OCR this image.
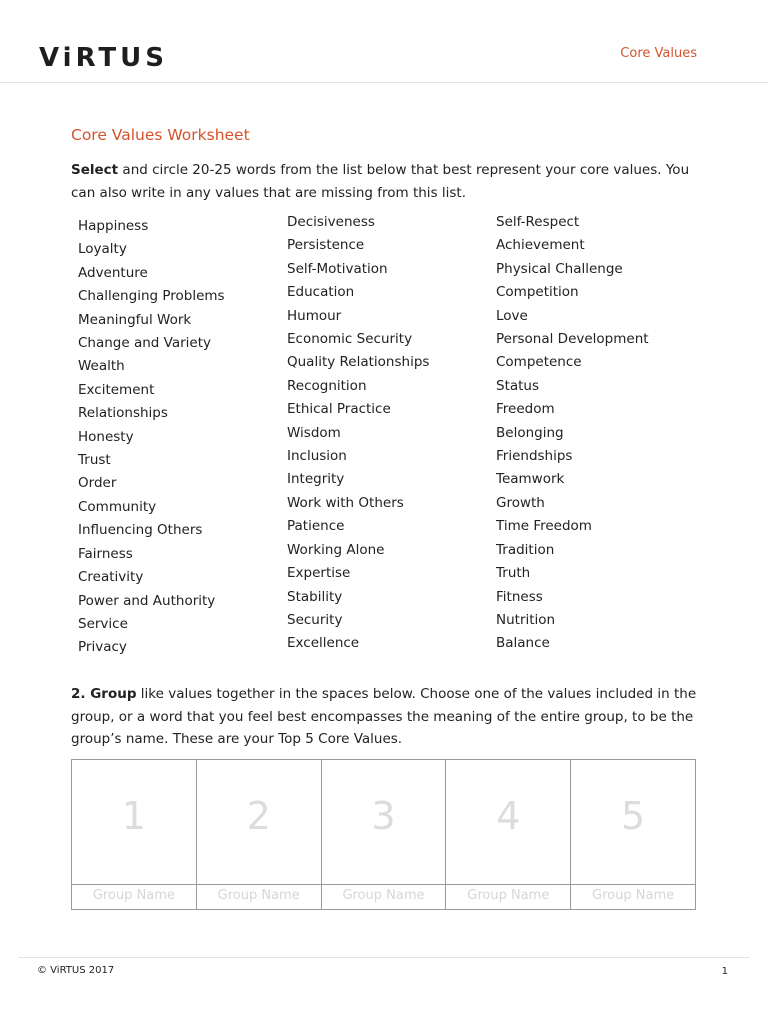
ViRTUS	Core Values
Core Values Worksheet

Select and circle 20-25 words from the list below that best represent your core values. You can also write in any values that are missing from this list.

Happiness
Loyalty
Adventure
Challenging Problems
Meaningful Work
Change and Variety
Wealth
Excitement
Relationships
Honesty
Trust
Order
Community
Influencing Others
Fairness
Creativity
Power and Authority
Service
Privacy
Decisiveness
Persistence
Self-Motivation
Education
Humour
Economic Security
Quality Relationships
Recognition
Ethical Practice
Wisdom
Inclusion
Integrity
Work with Others
Patience
Working Alone
Expertise
Stability
Security
Excellence
Self-Respect
Achievement
Physical Challenge
Competition
Love
Personal Development
Competence
Status
Freedom
Belonging
Friendships
Teamwork
Growth
Time Freedom
Tradition
Truth
Fitness
Nutrition
Balance

2. Group like values together in the spaces below. Choose one of the values included in the group, or a word that you feel best encompasses the meaning of the entire group, to be the group’s name. These are your Top 5 Core Values.

1
Group Name
2
Group Name
3
Group Name
4
Group Name
5
Group Name
© ViRTUS 2017	1
